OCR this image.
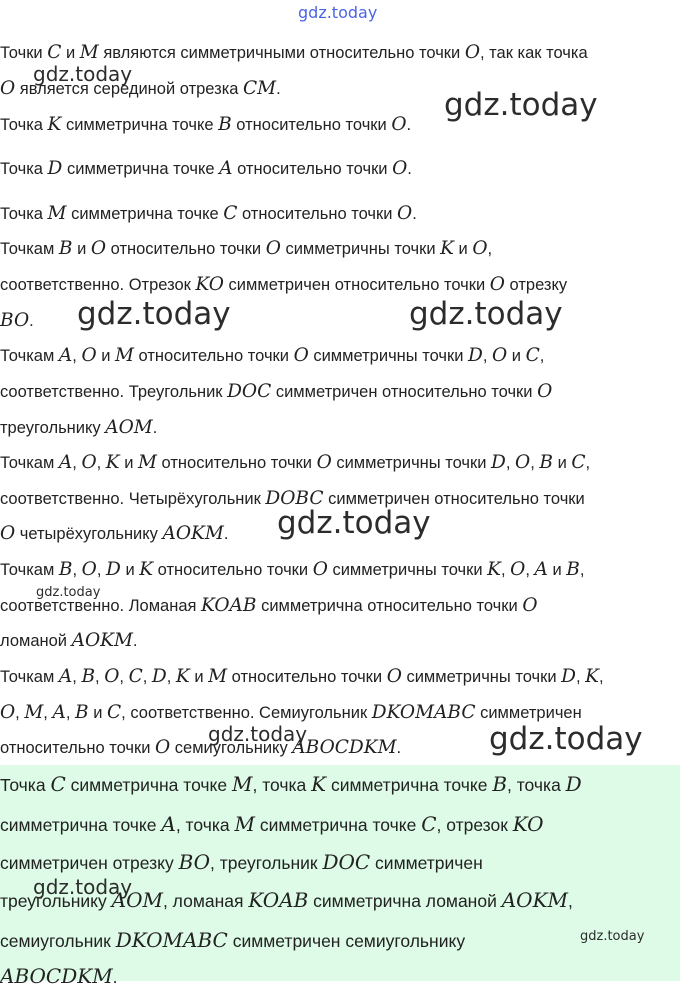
gdz.today
Точки C и M являются симметричными относительно точки O, так как точка
O является серединой отрезка CM.
Точка K симметрична точке B относительно точки O.
Точка D симметрична точке A относительно точки O.
Точка M симметрична точке C относительно точки O.
Точкам B и O относительно точки O симметричны точки K и O,
соответственно. Отрезок KO симметричен относительно точки O отрезку
BO.
Точкам A, O и M относительно точки O симметричны точки D, O и C,
соответственно. Треугольник DOC симметричен относительно точки O
треугольнику AOM.
Точкам A, O, K и M относительно точки O симметричны точки D, O, B и C,
соответственно. Четырёхугольник DOBC симметричен относительно точки
O четырёхугольнику AOKM.
Точкам B, O, D и K относительно точки O симметричны точки K, O, A и B,
соответственно. Ломаная KOAB симметрична относительно точки O
ломаной AOKM.
Точкам A, B, O, C, D, K и M относительно точки O симметричны точки D, K,
O, M, A, B и C, соответственно. Семиугольник DKOMABC симметричен
относительно точки O семиугольнику ABOCDKM.
Точка C симметрична точке M, точка K симметрична точке B, точка D
симметрична точке A, точка M симметрична точке C, отрезок KO
симметричен отрезку BO, треугольник DOC симметричен
треугольнику AOM, ломаная KOAB симметрична ломаной AOKM,
семиугольник DKOMABC симметричен семиугольнику
ABOCDKM.
gdz.today
gdz.today
gdz.today	gdz.today
gdz.today
gdz.today
gdz.today	gdz.today
gdz.today
gdz.today
